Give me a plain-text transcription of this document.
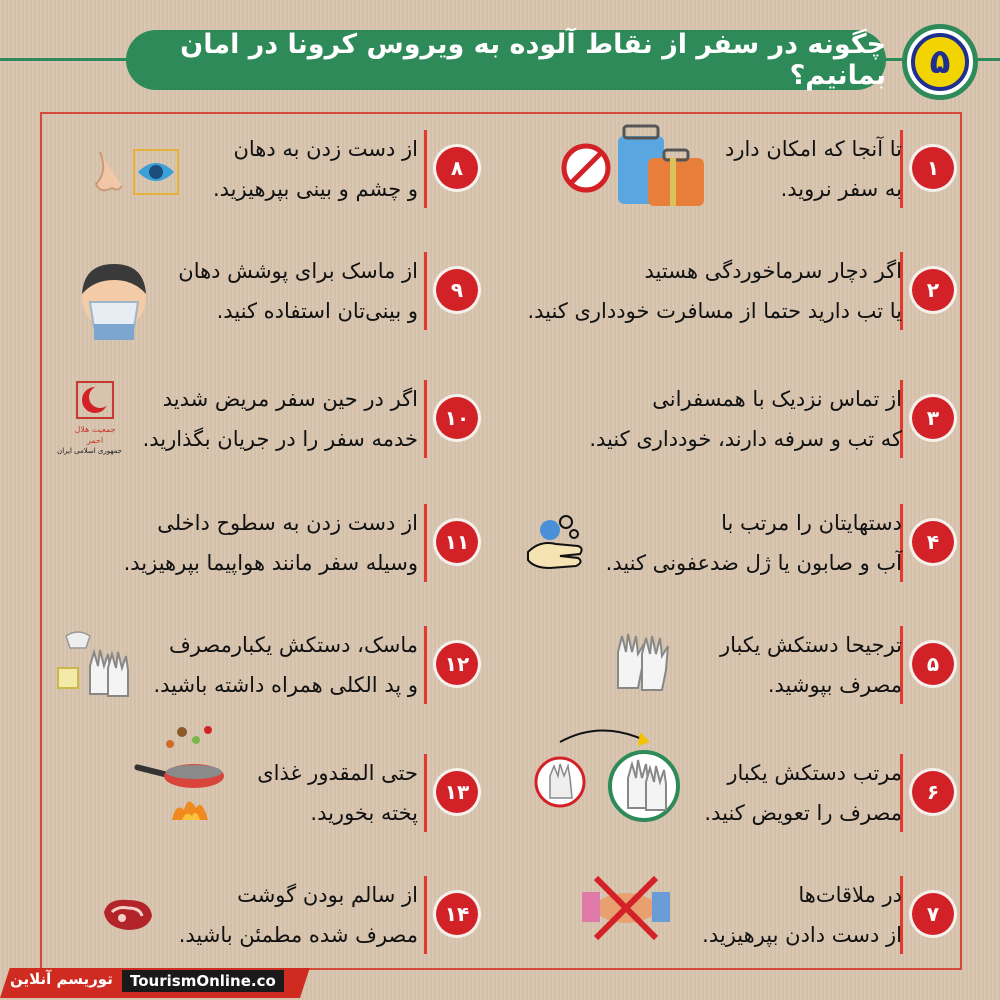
چگونه در سفر از نقاط آلوده به ویروس کرونا در امان بمانیم؟	۵
۱
تا آنجا که امکان دارد
به سفر نروید.
۲
اگر دچار سرماخوردگی هستید
یا تب دارید حتما از مسافرت خودداری کنید.
۳
از تماس نزدیک با همسفرانی
که تب و سرفه دارند، خودداری کنید.
۴
دستهایتان را مرتب با
آب و صابون یا ژل ضدعفونی کنید.
۵
ترجیحا دستکش یکبار
مصرف بپوشید.
۶
مرتب دستکش یکبار
مصرف را تعویض کنید.
۷
در ملاقات‌ها
از دست دادن بپرهیزید.
۸
از دست زدن به دهان
و چشم و بینی بپرهیزید.
۹
از ماسک برای پوشش دهان
و بینی‌تان استفاده کنید.
۱۰
اگر در حین سفر مریض شدید
خدمه سفر را در جریان بگذارید.
جمعیت هلال احمر
جمهوری اسلامی ایران
۱۱
از دست زدن به سطوح داخلی
وسیله سفر مانند هواپیما بپرهیزید.
۱۲
ماسک، دستکش یکبارمصرف
و پد الکلی همراه داشته باشید.
۱۳
حتی المقدور غذای
پخته بخورید.
۱۴
از سالم بودن گوشت
مصرف شده مطمئن باشید.
توریسم آنلاین	TourismOnline.co
